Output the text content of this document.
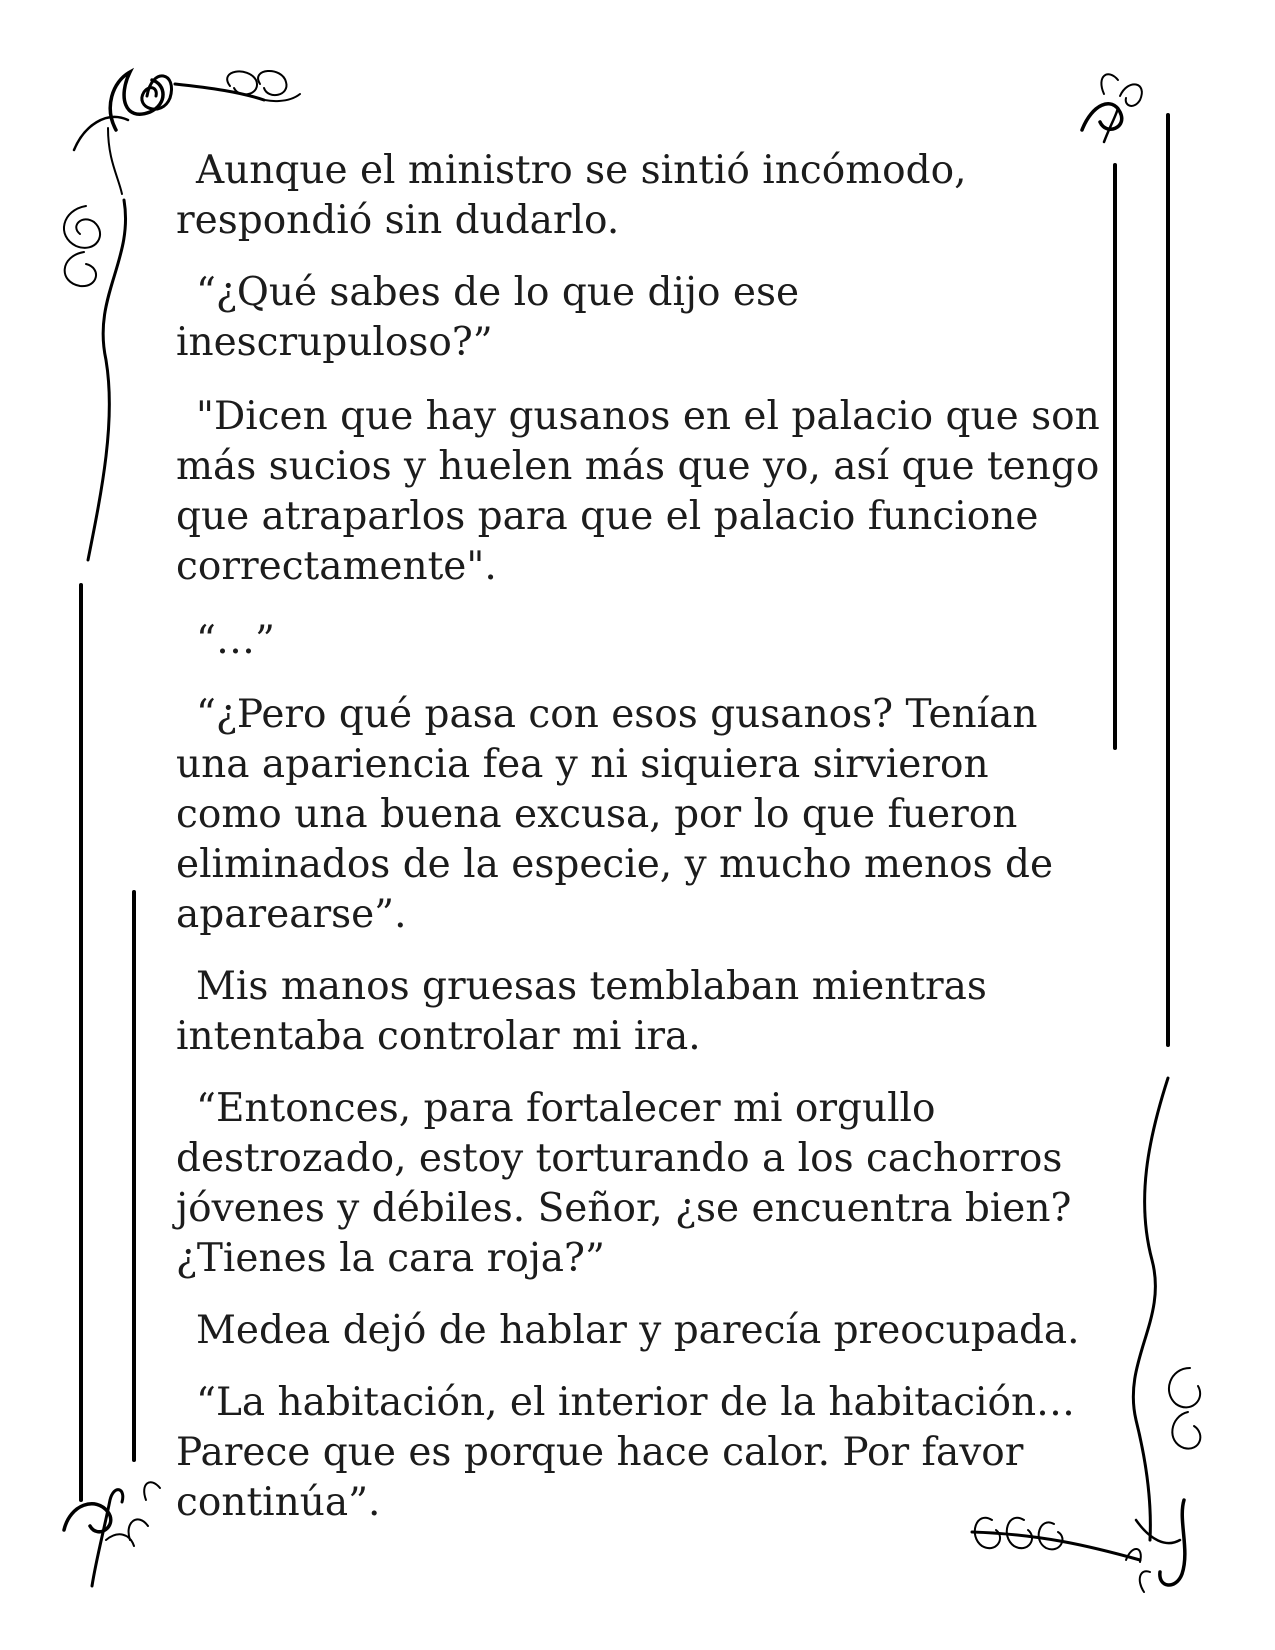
Aunque el ministro se sintió incómodo, respondió sin dudarlo.

“¿Qué sabes de lo que dijo ese inescrupuloso?”

"Dicen que hay gusanos en el palacio que son más sucios y huelen más que yo, así que tengo que atraparlos para que el palacio funcione correctamente".

“…”

“¿Pero qué pasa con esos gusanos? Tenían una apariencia fea y ni siquiera sirvieron como una buena excusa, por lo que fueron eliminados de la especie, y mucho menos de aparearse”.

Mis manos gruesas temblaban mientras intentaba controlar mi ira.

“Entonces, para fortalecer mi orgullo destrozado, estoy torturando a los cachorros jóvenes y débiles. Señor, ¿se encuentra bien? ¿Tienes la cara roja?”

Medea dejó de hablar y parecía preocupada.

“La habitación, el interior de la habitación… Parece que es porque hace calor. Por favor continúa”.
